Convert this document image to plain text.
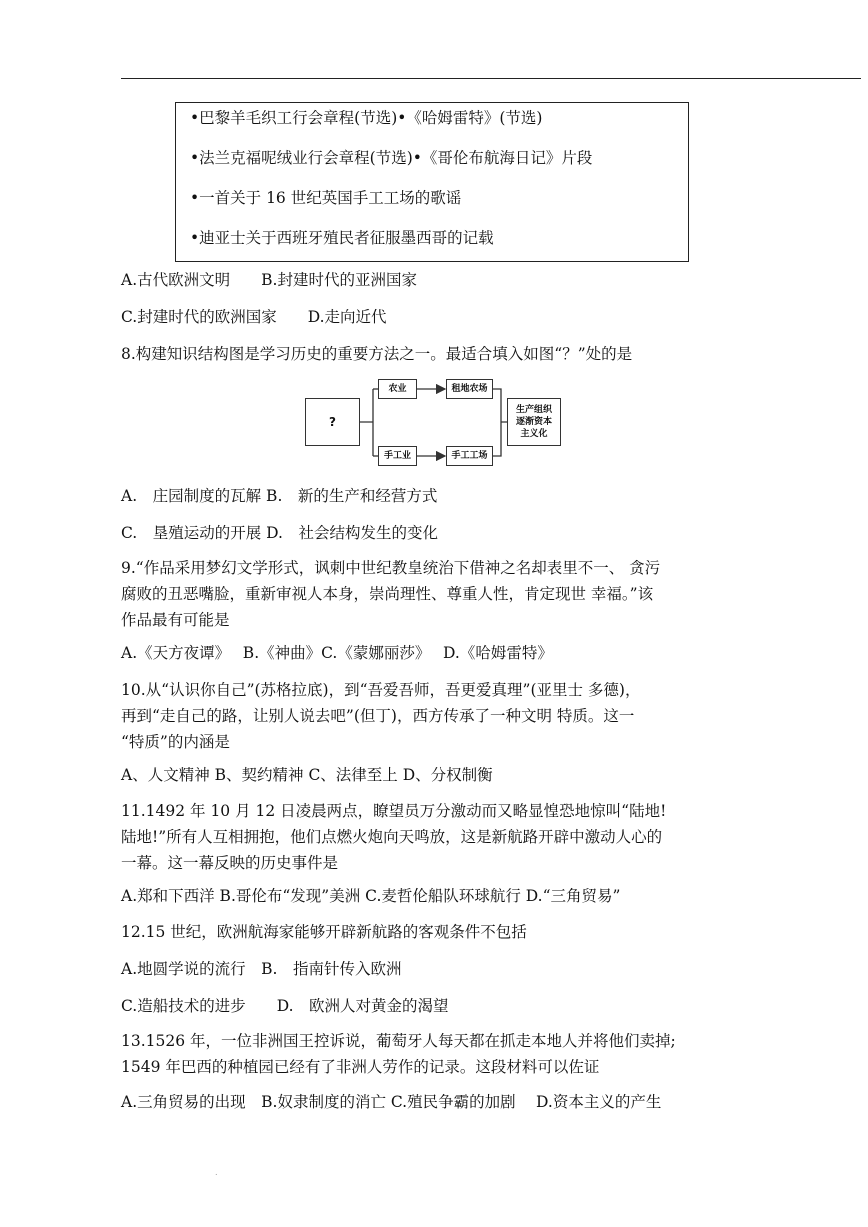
•巴黎羊毛织工行会章程(节选)•《哈姆雷特》(节选)
•法兰克福呢绒业行会章程(节选)•《哥伦布航海日记》片段
•一首关于 16 世纪英国手工工场的歌谣
•迪亚士关于西班牙殖民者征服墨西哥的记载
A.古代欧洲文明　　B.封建时代的亚洲国家
C.封建时代的欧洲国家　　D.走向近代
8.构建知识结构图是学习历史的重要方法之一。最适合填入如图“？”处的是
?
农业
手工业
租地农场
手工工场
生产组织
逐渐资本
主义化
A.　庄园制度的瓦解 B.　新的生产和经营方式
C.　垦殖运动的开展 D.　社会结构发生的变化
9.“作品采用梦幻文学形式，讽刺中世纪教皇统治下借神之名却表里不一、 贪污
腐败的丑恶嘴脸，重新审视人本身，崇尚理性、尊重人性，肯定现世 幸福。”该
作品最有可能是
A.《天方夜谭》　 B.《神曲》C.《蒙娜丽莎》　 D.《哈姆雷特》
10.从“认识你自己”(苏格拉底)，到“吾爱吾师，吾更爱真理”(亚里士 多德)，
再到“走自己的路，让别人说去吧”(但丁)，西方传承了一种文明 特质。这一
“特质”的内涵是
A、人文精神 B、契约精神 C、法律至上 D、分权制衡
11.1492 年 10 月 12 日凌晨两点，瞭望员万分激动而又略显惶恐地惊叫“陆地!
陆地!”所有人互相拥抱，他们点燃火炮向天鸣放，这是新航路开辟中激动人心的
一幕。这一幕反映的历史事件是
A.郑和下西洋 B.哥伦布“发现”美洲 C.麦哲伦船队环球航行 D.“三角贸易”
12.15 世纪，欧洲航海家能够开辟新航路的客观条件不包括
A.地圆学说的流行　B.　指南针传入欧洲
C.造船技术的进步　　D.　欧洲人对黄金的渴望
13.1526 年，一位非洲国王控诉说，葡萄牙人每天都在抓走本地人并将他们卖掉;
1549 年巴西的种植园已经有了非洲人劳作的记录。这段材料可以佐证
A.三角贸易的出现　B.奴隶制度的消亡 C.殖民争霸的加剧　 D.资本主义的产生
.
